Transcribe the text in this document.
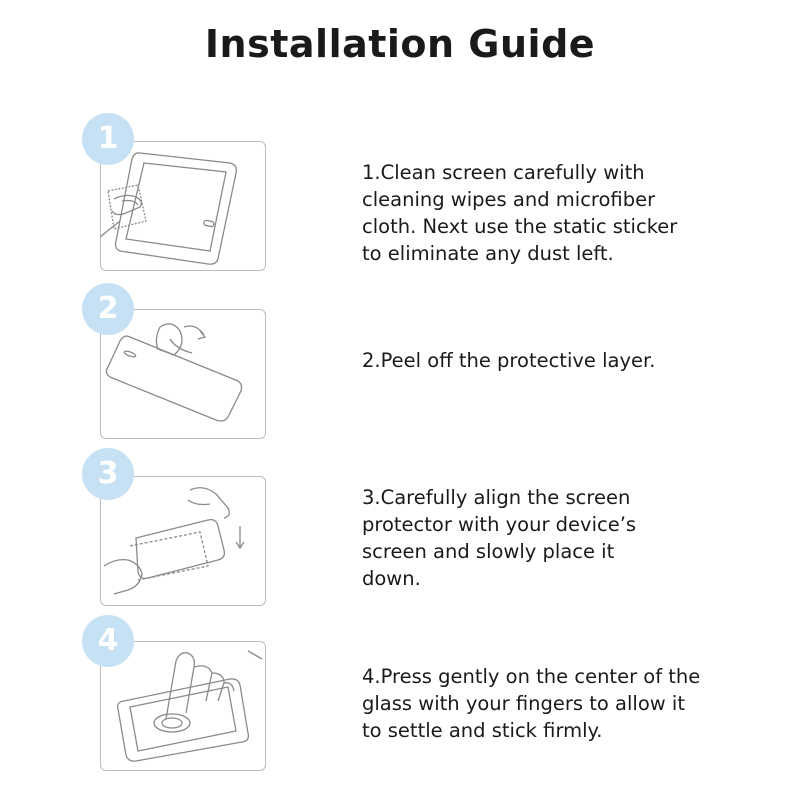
Installation Guide
1
1.Clean screen carefully with cleaning wipes and microfiber cloth. Next use the static sticker to eliminate any dust left.
2
2.Peel off the protective layer.
3
3.Carefully align the screen protector with your device’s screen and slowly place it down.
4
4.Press gently on the center of the glass with your fingers to allow it to settle and stick firmly.
